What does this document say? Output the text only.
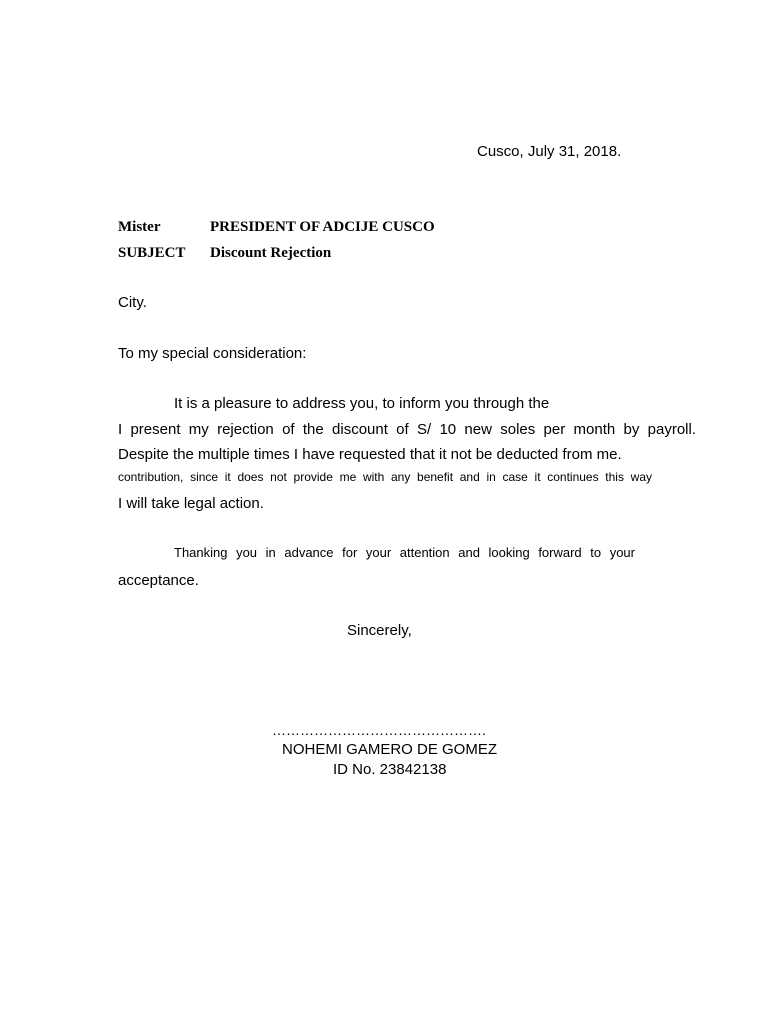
Cusco, July 31, 2018.
Mister	PRESIDENT OF ADCIJE CUSCO
SUBJECT Discount Rejection
City.
To my special consideration:
It is a pleasure to address you, to inform you through the
I present my rejection of the discount of S/ 10 new soles per month by payroll.
Despite the multiple times I have requested that it not be deducted from me.
contribution, since it does not provide me with any benefit and in case it continues this way
I will take legal action.
Thanking you in advance for your attention and looking forward to your
acceptance.
Sincerely,
……………………………………….
NOHEMI GAMERO DE GOMEZ
ID No. 23842138
